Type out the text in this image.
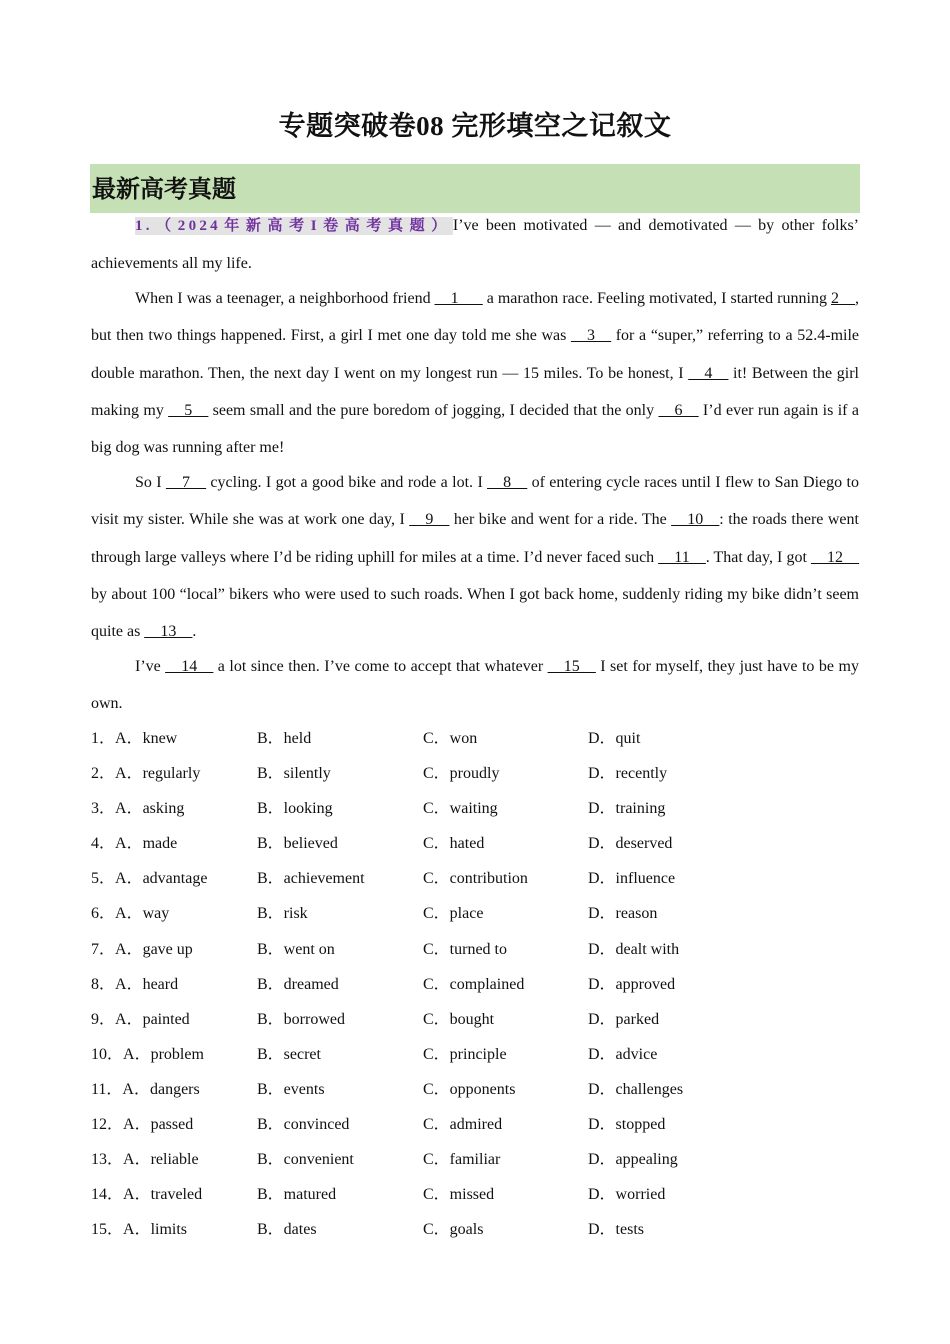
专题突破卷08 完形填空之记叙文
最新高考真题

1.（2024年新高考I卷高考真题）I’ve been motivated — and demotivated — by other folks’ achievements all my life.

When I was a teenager, a neighborhood friend __1___ a marathon race. Feeling motivated, I started running 2__, but then two things happened. First, a girl I met one day told me she was __3__ for a “super,” referring to a 52.4-mile double marathon. Then, the next day I went on my longest run — 15 miles. To be honest, I __4__ it! Between the girl making my __5__ seem small and the pure boredom of jogging, I decided that the only __6__ I’d ever run again is if a big dog was running after me!

So I __7__ cycling. I got a good bike and rode a lot. I __8__ of entering cycle races until I flew to San Diego to visit my sister. While she was at work one day, I __9__ her bike and went for a ride. The __10__: the roads there went through large valleys where I’d be riding uphill for miles at a time. I’d never faced such __11__. That day, I got __12__ by about 100 “local” bikers who were used to such roads. When I got back home, suddenly riding my bike didn’t seem quite as __13__.

I’ve __14__ a lot since then. I’ve come to accept that whatever __15__ I set for myself, they just have to be my own.

1．A．knew	B．held	C．won	D．quit
2．A．regularly	B．silently	C．proudly	D．recently
3．A．asking	B．looking	C．waiting	D．training
4．A．made	B．believed	C．hated	D．deserved
5．A．advantage	B．achievement	C．contribution	D．influence
6．A．way	B．risk	C．place	D．reason
7．A．gave up	B．went on	C．turned to	D．dealt with
8．A．heard	B．dreamed	C．complained	D．approved
9．A．painted	B．borrowed	C．bought	D．parked
10．A．problem	B．secret	C．principle	D．advice
11．A．dangers	B．events	C．opponents	D．challenges
12．A．passed	B．convinced	C．admired	D．stopped
13．A．reliable	B．convenient	C．familiar	D．appealing
14．A．traveled	B．matured	C．missed	D．worried
15．A．limits	B．dates	C．goals	D．tests
